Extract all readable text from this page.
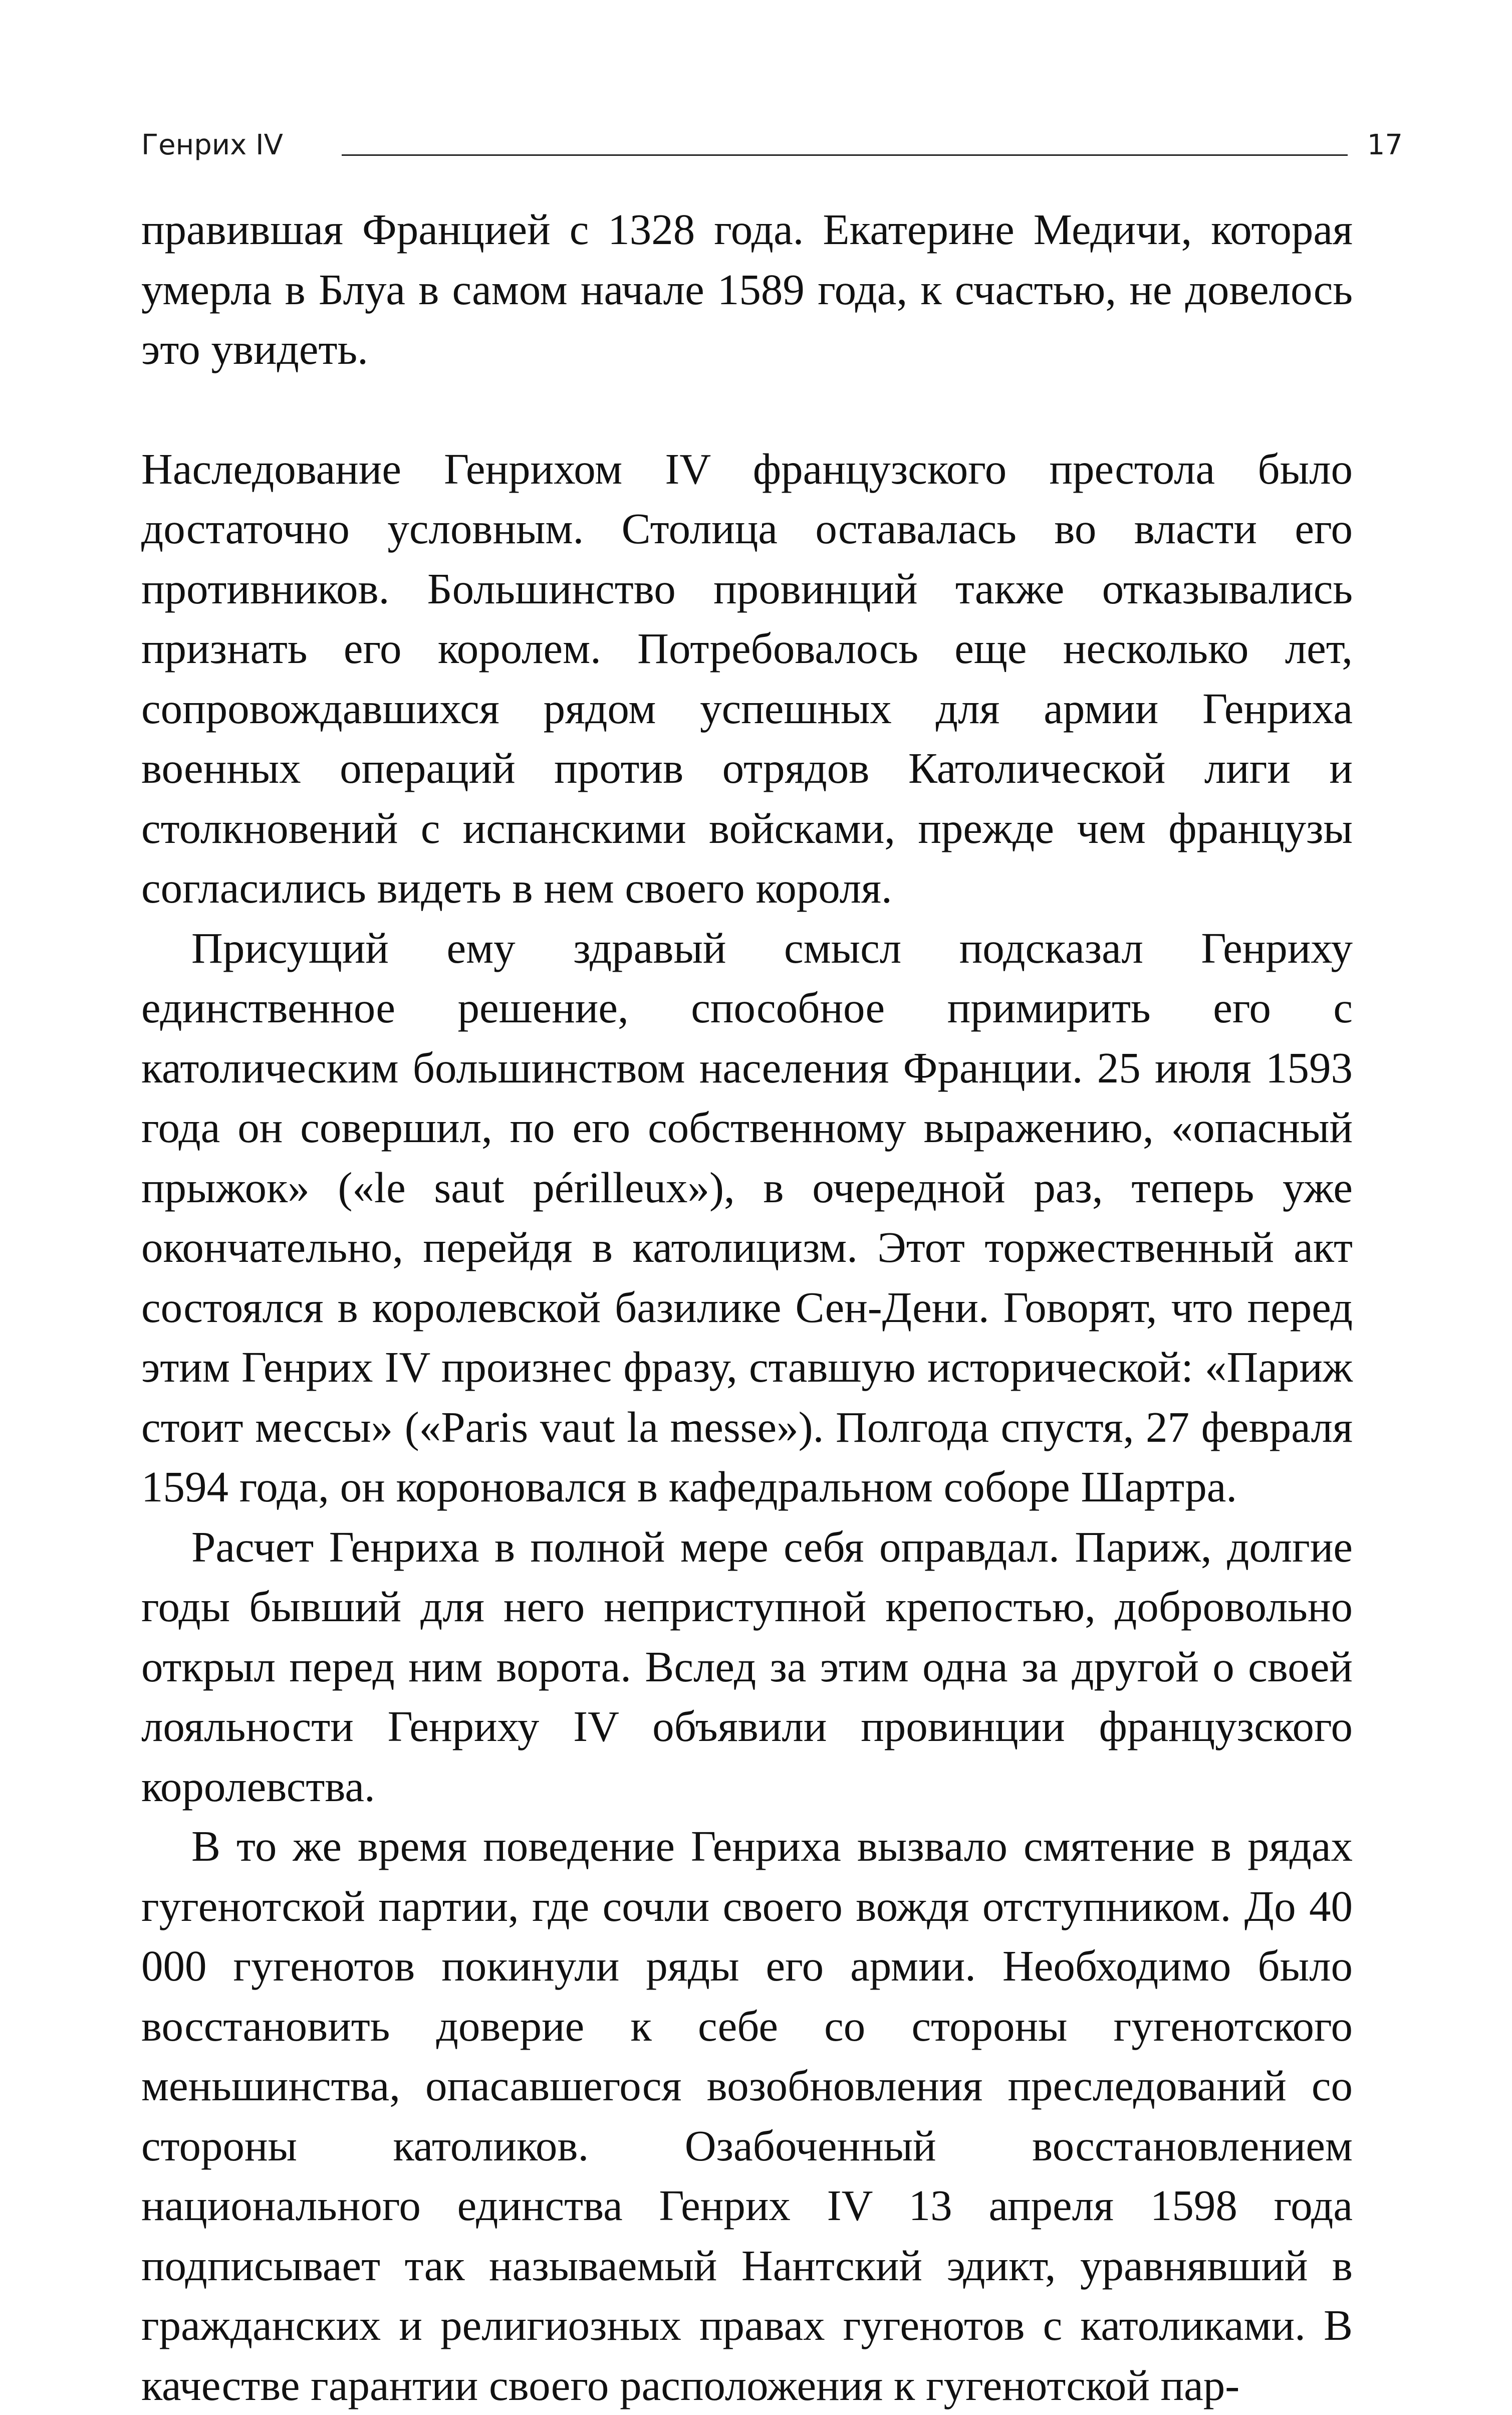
Генрих IV	17

правившая Францией с 1328 года. Екатерине Медичи, которая умерла в Блуа в самом начале 1589 года, к счастью, не довелось это увидеть.

Наследование Генрихом IV французского престола было достаточно условным. Столица оставалась во власти его противников. Большинство провинций также отказывались признать его королем. Потребовалось еще несколько лет, сопровождавшихся рядом успешных для армии Генриха военных операций против отрядов Католической лиги и столкновений с испанскими войсками, прежде чем французы согласились видеть в нем своего короля.

Присущий ему здравый смысл подсказал Генриху единственное решение, способное примирить его с католическим большинством населения Франции. 25 июля 1593 года он совершил, по его собственному выражению, «опасный прыжок» («le saut périlleux»), в очередной раз, теперь уже окончательно, перейдя в католицизм. Этот торжественный акт состоялся в королевской базилике Сен-Дени. Говорят, что перед этим Генрих IV произнес фразу, ставшую исторической: «Париж стоит мессы» («Paris vaut la messe»). Полгода спустя, 27 февраля 1594 года, он короновался в кафедральном соборе Шартра.

Расчет Генриха в полной мере себя оправдал. Париж, долгие годы бывший для него неприступной крепостью, добровольно открыл перед ним ворота. Вслед за этим одна за другой о своей лояльности Генриху IV объявили провинции французского королевства.

В то же время поведение Генриха вызвало смятение в рядах гугенотской партии, где сочли своего вождя отступником. До 40 000 гугенотов покинули ряды его армии. Необходимо было восстановить доверие к себе со стороны гугенотского меньшинства, опасавшегося возобновления преследований со стороны католиков. Озабоченный восстановлением национального единства Генрих IV 13 апреля 1598 года подписывает так называемый Нантский эдикт, уравнявший в гражданских и религиозных правах гугенотов с католиками. В качестве гарантии своего расположения к гугенотской пар-
